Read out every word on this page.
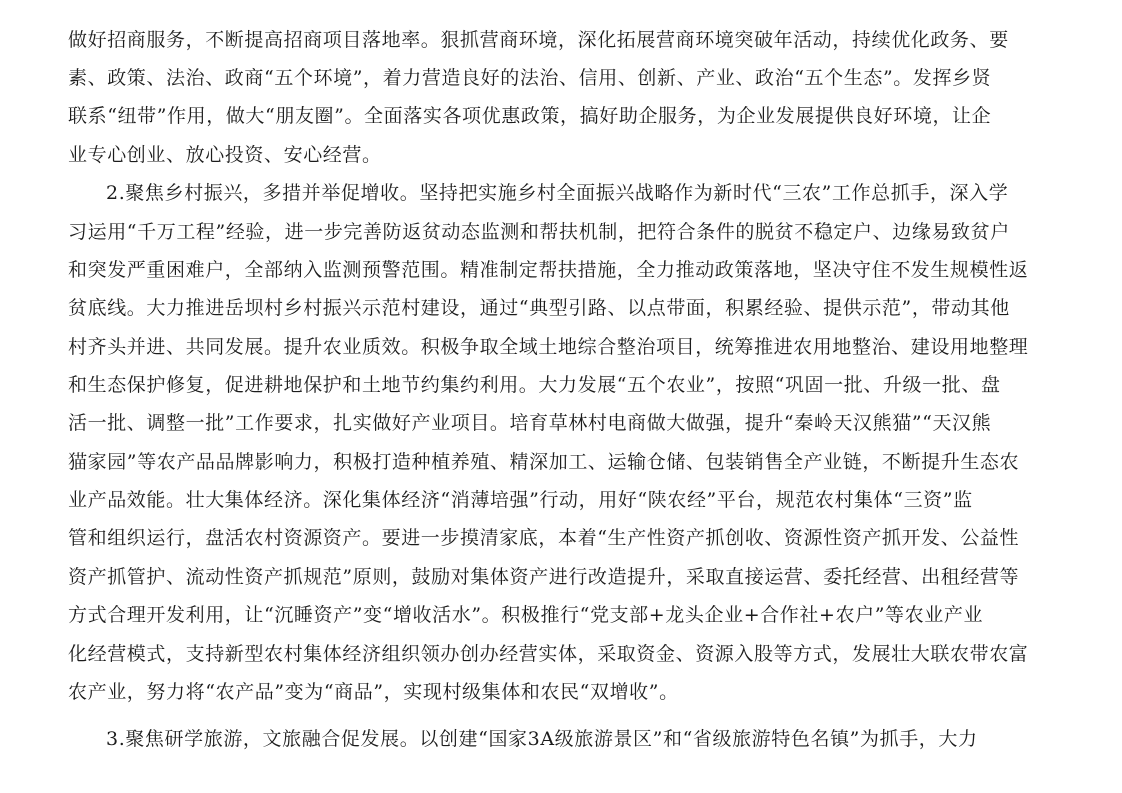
做好招商服务，不断提高招商项目落地率。狠抓营商环境，深化拓展营商环境突破年活动，持续优化政务、要
素、政策、法治、政商“五个环境”，着力营造良好的法治、信用、创新、产业、政治“五个生态”。发挥乡贤
联系“纽带”作用，做大“朋友圈”。全面落实各项优惠政策，搞好助企服务，为企业发展提供良好环境，让企
业专心创业、放心投资、安心经营。
2.聚焦乡村振兴，多措并举促增收。坚持把实施乡村全面振兴战略作为新时代“三农”工作总抓手，深入学
习运用“千万工程”经验，进一步完善防返贫动态监测和帮扶机制，把符合条件的脱贫不稳定户、边缘易致贫户
和突发严重困难户，全部纳入监测预警范围。精准制定帮扶措施，全力推动政策落地，坚决守住不发生规模性返
贫底线。大力推进岳坝村乡村振兴示范村建设，通过“典型引路、以点带面，积累经验、提供示范”，带动其他
村齐头并进、共同发展。提升农业质效。积极争取全域土地综合整治项目，统筹推进农用地整治、建设用地整理
和生态保护修复，促进耕地保护和土地节约集约利用。大力发展“五个农业”，按照“巩固一批、升级一批、盘
活一批、调整一批”工作要求，扎实做好产业项目。培育草林村电商做大做强，提升“秦岭天汉熊猫”“天汉熊
猫家园”等农产品品牌影响力，积极打造种植养殖、精深加工、运输仓储、包装销售全产业链，不断提升生态农
业产品效能。壮大集体经济。深化集体经济“消薄培强”行动，用好“陕农经”平台，规范农村集体“三资”监
管和组织运行，盘活农村资源资产。要进一步摸清家底，本着“生产性资产抓创收、资源性资产抓开发、公益性
资产抓管护、流动性资产抓规范”原则，鼓励对集体资产进行改造提升，采取直接运营、委托经营、出租经营等
方式合理开发利用，让“沉睡资产”变“增收活水”。积极推行“党支部+龙头企业+合作社+农户”等农业产业
化经营模式，支持新型农村集体经济组织领办创办经营实体，采取资金、资源入股等方式，发展壮大联农带农富
农产业，努力将“农产品”变为“商品”，实现村级集体和农民“双增收”。
3.聚焦研学旅游，文旅融合促发展。以创建“国家3A级旅游景区”和“省级旅游特色名镇”为抓手，大力
